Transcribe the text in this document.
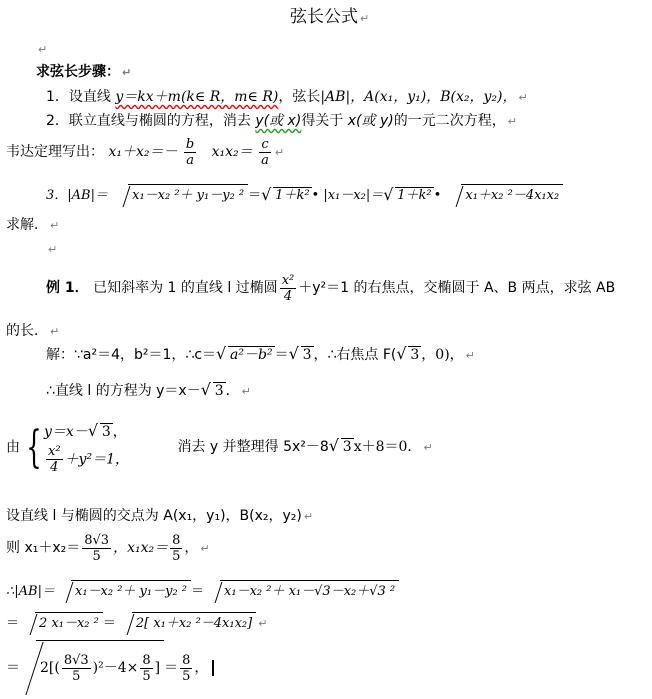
弦长公式 ↵
↵
求弦长步骤： ↵
1．设直线 y＝kx＋m(k∈ R，m∈ R)，弦长|AB|，A(x₁，y₁)，B(x₂，y₂)， ↵
2．联立直线与椭圆的方程，消去 y(或 x)得关于 x(或 y)的一元二次方程， ↵
韦达定理写出： $x_1+x_2=- \frac{b}{a} x_1x_2= \frac{c}{a}$ ↵
3．|AB|＝ x₁－x₂ ²＋ y₁－y₂ ² ＝ √ 1＋k² • |x₁－x₂|＝ √ 1＋k² • x₁＋x₂ ²－4x₁x₂
求解． ↵
↵
例 1． 已知斜率为 1 的直线 l 过椭圆 $\frac{\text{x²}}{4} +y^2=1$ 的右焦点，交椭圆于 A、B 两点，求弦 AB
的长． ↵
解：∵a²＝4，b²＝1，∴c＝ √ a²－b² ＝ √ 3 ，∴右焦点 F( √ 3 ，0)， ↵
∴直线 l 的方程为 y＝x－ √ 3 ． ↵
由 { y＝x－ √ 3 ，

$\frac{\text{x²}}{4} +y^2=1$， 消去 y 并整理得 5x²－8 √ 3 x＋8＝0． ↵
设直线 l 与椭圆的交点为 A(x₁，y₁)，B(x₂，y₂) ↵
则 $x_1+x_2= \frac{8√3}{5}$ ，$x_1x_2= \frac{8}{5}$ ， ↵
∴|AB|＝ x₁－x₂ ²＋ y₁－y₂ ² ＝ x₁－x₂ ²＋ x₁－√3－x₂＋√3 ²
＝ 2 x₁－x₂ ² ＝ 2[ x₁＋x₂ ²－4x₁x₂] ↵
＝ $2[( \frac{8√3}{5} )^2-4\times \frac{8}{5}$ ] ＝ $\frac{8}{5}$ ，
